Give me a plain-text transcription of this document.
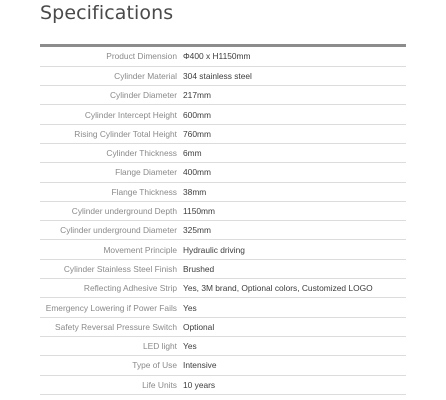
Specifications

Product Dimension		Φ400 x H1150mm
Cylinder Material		304 stainless steel
Cylinder Diameter		217mm
Cylinder Intercept Height		600mm
Rising Cylinder Total Height		760mm
Cylinder Thickness		6mm
Flange Diameter		400mm
Flange Thickness		38mm
Cylinder underground Depth		1150mm
Cylinder underground Diameter		325mm
Movement Principle		Hydraulic driving
Cylinder Stainless Steel Finish		Brushed
Reflecting Adhesive Strip		Yes, 3M brand, Optional colors, Customized LOGO
Emergency Lowering if Power Fails		Yes
Safety Reversal Pressure Switch		Optional
LED light		Yes
Type of Use		Intensive
Life Units		10 years
